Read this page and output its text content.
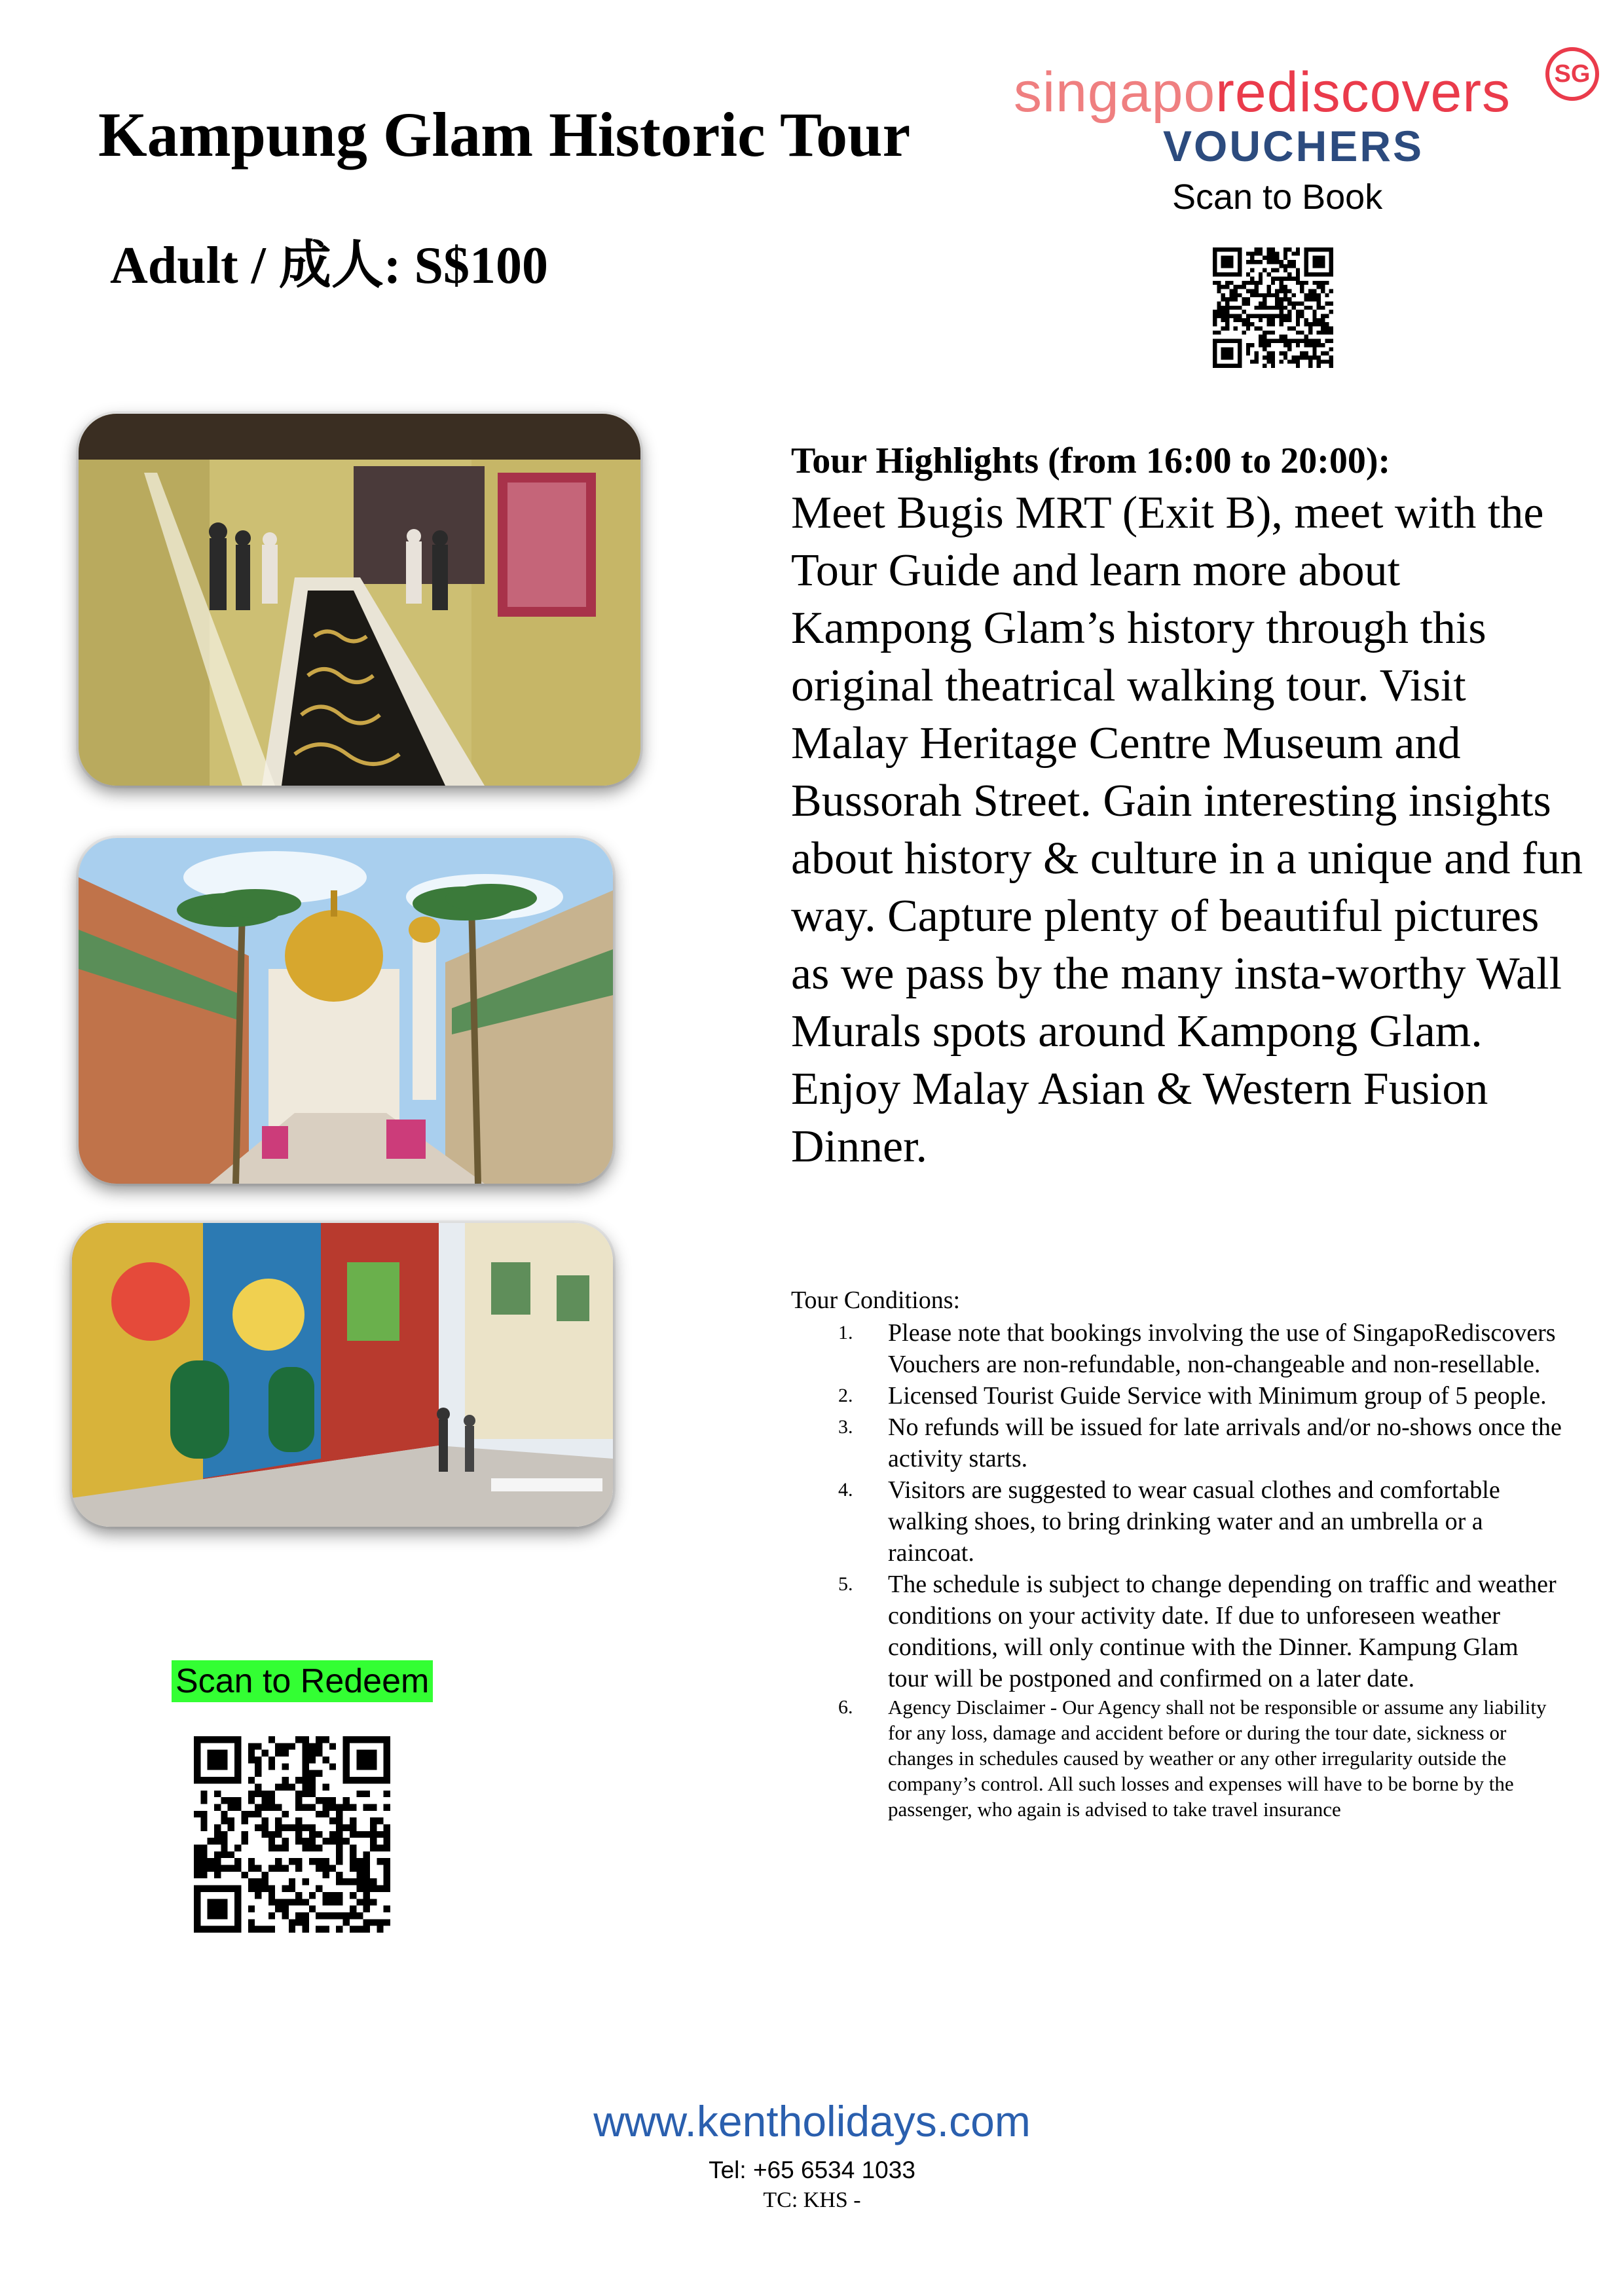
Kampung Glam Historic Tour
Adult / 成人: S$100
singaporediscovers	SG
VOUCHERS
Scan to Book
Tour Highlights (from 16:00 to 20:00):
Meet Bugis MRT (Exit B), meet with the Tour Guide and learn more about Kampong Glam’s history through this original theatrical walking tour. Visit Malay Heritage Centre Museum and Bussorah Street. Gain interesting insights about history & culture in a unique and fun way. Capture plenty of beautiful pictures as we pass by the many insta-worthy Wall Murals spots around Kampong Glam. Enjoy Malay Asian & Western Fusion Dinner.
Tour Conditions:
1. Please note that bookings involving the use of SingapoRediscovers Vouchers are non-refundable, non-changeable and non-resellable.
2. Licensed Tourist Guide Service with Minimum group of 5 people.
3. No refunds will be issued for late arrivals and/or no-shows once the activity starts.
4. Visitors are suggested to wear casual clothes and comfortable walking shoes, to bring drinking water and an umbrella or a raincoat.
5. The schedule is subject to change depending on traffic and weather conditions on your activity date. If due to unforeseen weather conditions, will only continue with the Dinner. Kampung Glam tour will be postponed and confirmed on a later date.
6. Agency Disclaimer - Our Agency shall not be responsible or assume any liability for any loss, damage and accident before or during the tour date, sickness or changes in schedules caused by weather or any other irregularity outside the company’s control. All such losses and expenses will have to be borne by the passenger, who again is advised to take travel insurance
Scan to Redeem
www.kentholidays.com
Tel: +65 6534 1033
TC: KHS -
